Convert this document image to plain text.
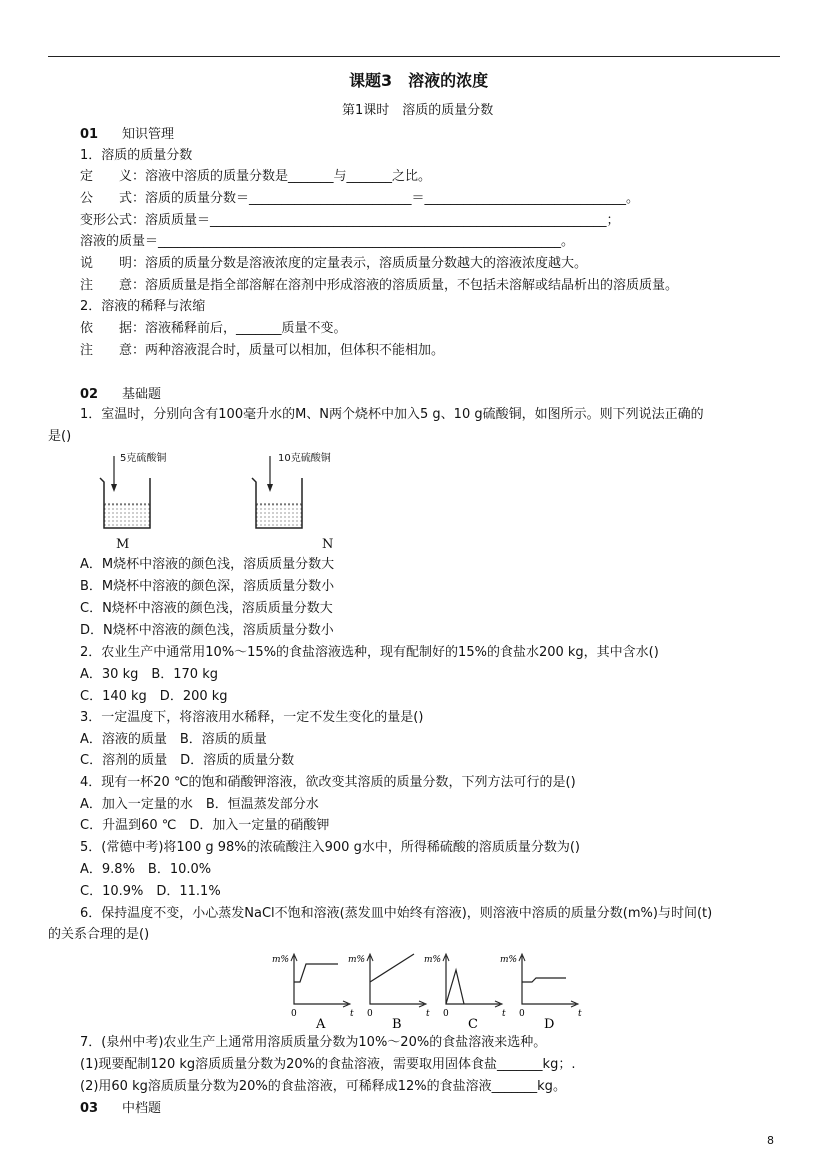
课题3　溶液的浓度
第1课时　溶质的质量分数
01 知识管理
1．溶质的质量分数
定　　义：溶液中溶质的质量分数是_______与_______之比。
公　　式：溶质的质量分数＝_________________________＝_______________________________。
变形公式：溶质质量＝_____________________________________________________________；
溶液的质量＝______________________________________________________________。
说　　明：溶质的质量分数是溶液浓度的定量表示，溶质质量分数越大的溶液浓度越大。
注　　意：溶质质量是指全部溶解在溶剂中形成溶液的溶质质量，不包括未溶解或结晶析出的溶质质量。
2．溶液的稀释与浓缩
依　　据：溶液稀释前后，_______质量不变。
注　　意：两种溶液混合时，质量可以相加，但体积不能相加。
02 基础题
1．室温时，分别向含有100毫升水的M、N两个烧杯中加入5 g、10 g硫酸铜，如图所示。则下列说法正确的
是()
5克硫酸铜	10克硫酸铜
M	N
A．M烧杯中溶液的颜色浅，溶质质量分数大
B．M烧杯中溶液的颜色深，溶质质量分数小
C．N烧杯中溶液的颜色浅，溶质质量分数大
D．N烧杯中溶液的颜色浅，溶质质量分数小
2．农业生产中通常用10%～15%的食盐溶液选种，现有配制好的15%的食盐水200 kg，其中含水()
A．30 kg　B．170 kg
C．140 kg　D．200 kg
3．一定温度下，将溶液用水稀释，一定不发生变化的量是()
A．溶液的质量　B．溶质的质量
C．溶剂的质量　D．溶质的质量分数
4．现有一杯20 ℃的饱和硝酸钾溶液，欲改变其溶质的质量分数，下列方法可行的是()
A．加入一定量的水　B．恒温蒸发部分水
C．升温到60 ℃　D．加入一定量的硝酸钾
5．(常德中考)将100 g 98%的浓硫酸注入900 g水中，所得稀硫酸的溶质质量分数为()
A．9.8%　B．10.0%
C．10.9%　D．11.1%
6．保持温度不变，小心蒸发NaCl不饱和溶液(蒸发皿中始终有溶液)，则溶液中溶质的质量分数(m%)与时间(t)
的关系合理的是()
m%
t
0
A
m%
t
0
B
m%
t
0
C
m%
t
0
D
7．(泉州中考)农业生产上通常用溶质质量分数为10%～20%的食盐溶液来选种。
(1)现要配制120 kg溶质质量分数为20%的食盐溶液，需要取用固体食盐_______kg；.
(2)用60 kg溶质质量分数为20%的食盐溶液，可稀释成12%的食盐溶液_______kg。
03 中档题
8
